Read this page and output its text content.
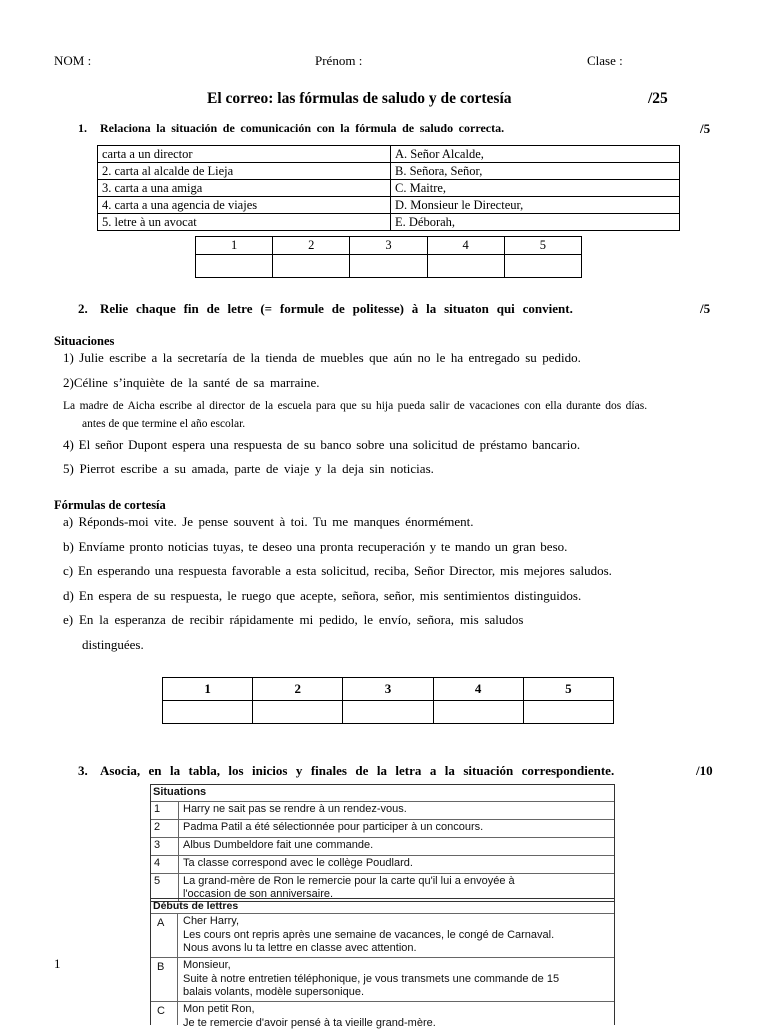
NOM :	Prénom :	Clase :
El correo: las fórmulas de saludo y de cortesía	/25
1. Relaciona la situación de comunicación con la fórmula de saludo correcta.	/5
carta a un director	A. Señor Alcalde,
2. carta al alcalde de Lieja	B. Señora, Señor,
3. carta a una amiga	C. Maitre,
4. carta a una agencia de viajes	D. Monsieur le Directeur,
5. letre à un avocat	E. Déborah,
1	2	3	4	5

2. Relie chaque fin de letre (= formule de politesse) à la situaton qui convient.	/5
Situaciones
1) Julie escribe a la secretaría de la tienda de muebles que aún no le ha entregado su pedido.
2)Céline s’inquiète de la santé de sa marraine.
La madre de Aicha escribe al director de la escuela para que su hija pueda salir de vacaciones con ella durante dos días.
antes de que termine el año escolar.
4) El señor Dupont espera una respuesta de su banco sobre una solicitud de préstamo bancario.
5) Pierrot escribe a su amada, parte de viaje y la deja sin noticias.
Fórmulas de cortesía
a) Réponds-moi vite. Je pense souvent à toi. Tu me manques énormément.
b) Envíame pronto noticias tuyas, te deseo una pronta recuperación y te mando un gran beso.
c) En esperando una respuesta favorable a esta solicitud, reciba, Señor Director, mis mejores saludos.
d) En espera de su respuesta, le ruego que acepte, señora, señor, mis sentimientos distinguidos.
e) En la esperanza de recibir rápidamente mi pedido, le envío, señora, mis saludos
distinguées.
1	2	3	4	5

3. Asocia, en la tabla, los inicios y finales de la letra a la situación correspondiente.	/10
Situations
1 Harry ne sait pas se rendre à un rendez-vous.
2 Padma Patil a été sélectionnée pour participer à un concours.
3 Albus Dumbeldore fait une commande.
4 Ta classe correspond avec le collège Poudlard.
5 La grand-mère de Ron le remercie pour la carte qu'il lui a envoyée à
l'occasion de son anniversaire.
Débuts de lettres
A Cher Harry,
Les cours ont repris après une semaine de vacances, le congé de Carnaval.
Nous avons lu ta lettre en classe avec attention.
B Monsieur,
Suite à notre entretien téléphonique, je vous transmets une commande de 15
balais volants, modèle supersonique.
C Mon petit Ron,
Je te remercie d'avoir pensé à ta vieille grand-mère.
1
